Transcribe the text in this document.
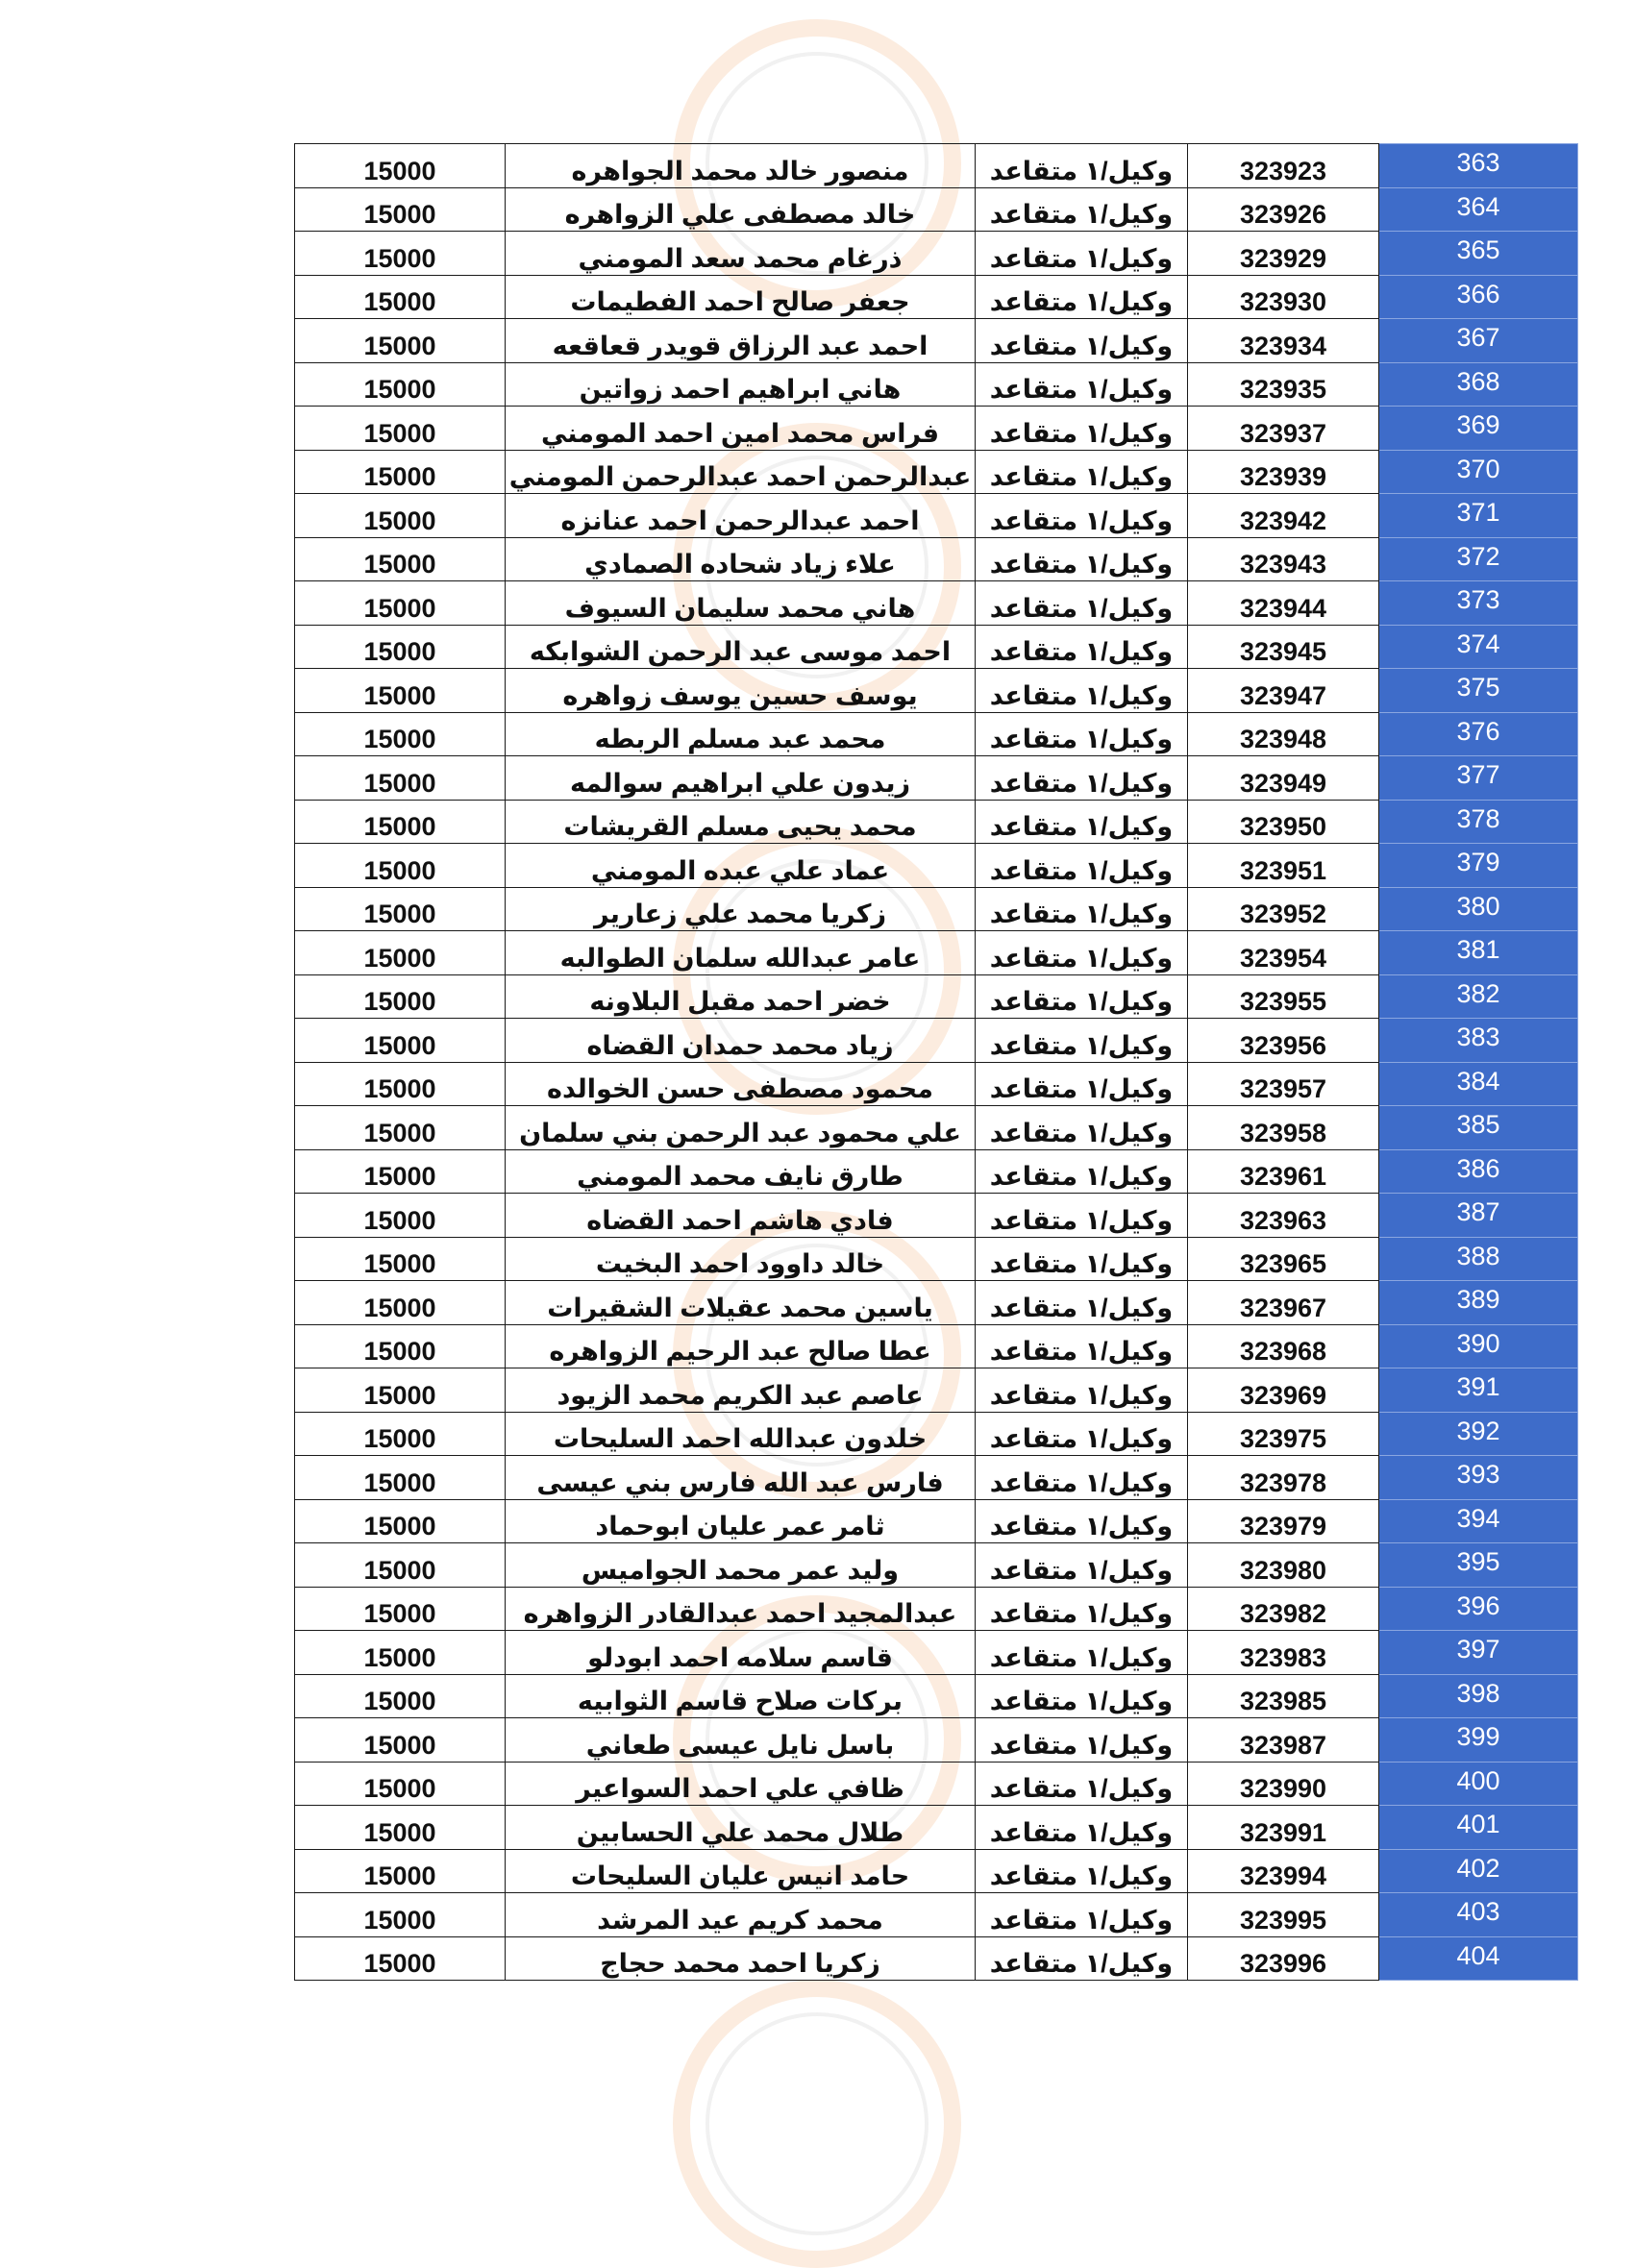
15000	منصور خالد محمد الجواهره	وكيل/١ متقاعد	323923	363
15000	خالد مصطفى علي الزواهره	وكيل/١ متقاعد	323926	364
15000	ذرغام محمد سعد المومني	وكيل/١ متقاعد	323929	365
15000	جعفر صالح احمد الفطيمات	وكيل/١ متقاعد	323930	366
15000	احمد عبد الرزاق قويدر قعاقعه	وكيل/١ متقاعد	323934	367
15000	هاني ابراهيم احمد زواتين	وكيل/١ متقاعد	323935	368
15000	فراس محمد امين احمد المومني	وكيل/١ متقاعد	323937	369
15000	عبدالرحمن احمد عبدالرحمن المومني	وكيل/١ متقاعد	323939	370
15000	احمد عبدالرحمن احمد عنانزه	وكيل/١ متقاعد	323942	371
15000	علاء زياد شحاده الصمادي	وكيل/١ متقاعد	323943	372
15000	هاني محمد سليمان السيوف	وكيل/١ متقاعد	323944	373
15000	احمد موسى عبد الرحمن الشوابكه	وكيل/١ متقاعد	323945	374
15000	يوسف حسين يوسف زواهره	وكيل/١ متقاعد	323947	375
15000	محمد عبد مسلم الربطه	وكيل/١ متقاعد	323948	376
15000	زيدون علي ابراهيم سوالمه	وكيل/١ متقاعد	323949	377
15000	محمد يحيى مسلم القريشات	وكيل/١ متقاعد	323950	378
15000	عماد علي عبده المومني	وكيل/١ متقاعد	323951	379
15000	زكريا محمد علي زعارير	وكيل/١ متقاعد	323952	380
15000	عامر عبدالله سلمان الطوالبه	وكيل/١ متقاعد	323954	381
15000	خضر احمد مقبل البلاونه	وكيل/١ متقاعد	323955	382
15000	زياد محمد حمدان القضاه	وكيل/١ متقاعد	323956	383
15000	محمود مصطفى حسن الخوالده	وكيل/١ متقاعد	323957	384
15000	علي محمود عبد الرحمن بني سلمان	وكيل/١ متقاعد	323958	385
15000	طارق نايف محمد المومني	وكيل/١ متقاعد	323961	386
15000	فادي هاشم احمد القضاه	وكيل/١ متقاعد	323963	387
15000	خالد داوود احمد البخيت	وكيل/١ متقاعد	323965	388
15000	ياسين محمد عقيلات الشقيرات	وكيل/١ متقاعد	323967	389
15000	عطا صالح عبد الرحيم الزواهره	وكيل/١ متقاعد	323968	390
15000	عاصم عبد الكريم محمد الزيود	وكيل/١ متقاعد	323969	391
15000	خلدون عبدالله احمد السليحات	وكيل/١ متقاعد	323975	392
15000	فارس عبد الله فارس بني عيسى	وكيل/١ متقاعد	323978	393
15000	ثامر عمر عليان ابوحماد	وكيل/١ متقاعد	323979	394
15000	وليد عمر محمد الجواميس	وكيل/١ متقاعد	323980	395
15000	عبدالمجيد احمد عبدالقادر الزواهره	وكيل/١ متقاعد	323982	396
15000	قاسم سلامه احمد ابودلو	وكيل/١ متقاعد	323983	397
15000	بركات صلاح قاسم الثوابيه	وكيل/١ متقاعد	323985	398
15000	باسل نايل عيسى طعاني	وكيل/١ متقاعد	323987	399
15000	ظافي علي احمد السواعير	وكيل/١ متقاعد	323990	400
15000	طلال محمد علي الحسابين	وكيل/١ متقاعد	323991	401
15000	حامد انيس عليان السليحات	وكيل/١ متقاعد	323994	402
15000	محمد كريم عيد المرشد	وكيل/١ متقاعد	323995	403
15000	زكريا احمد محمد حجاج	وكيل/١ متقاعد	323996	404
